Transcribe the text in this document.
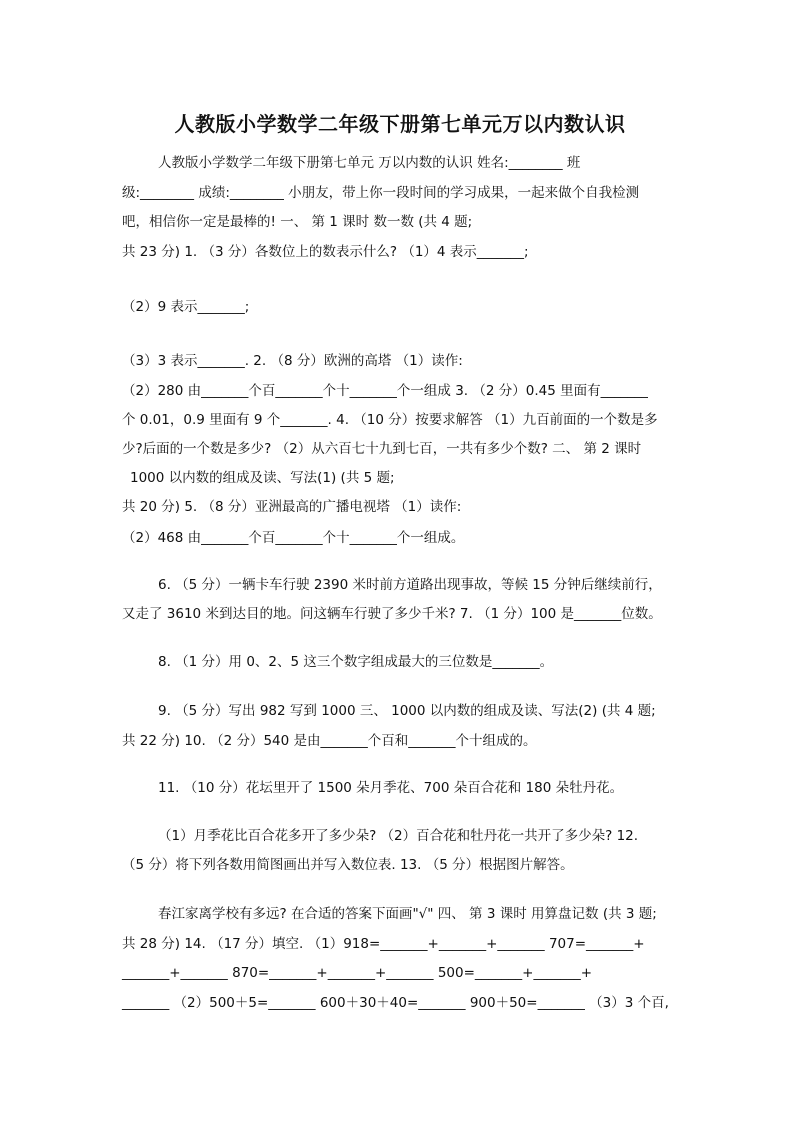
人教版小学数学二年级下册第七单元万以内数认识
人教版小学数学二年级下册第七单元 万以内数的认识 姓名:________ 班
级:________ 成绩:________ 小朋友，带上你一段时间的学习成果，一起来做个自我检测
吧，相信你一定是最棒的! 一、 第 1 课时 数一数 (共 4 题;
共 23 分) 1. （3 分）各数位上的数表示什么? （1）4 表示_______;
（2）9 表示_______;
（3）3 表示_______. 2. （8 分）欧洲的高塔 （1）读作:
（2）280 由_______个百_______个十_______个一组成 3. （2 分）0.45 里面有_______
个 0.01，0.9 里面有 9 个_______. 4. （10 分）按要求解答 （1）九百前面的一个数是多
少?后面的一个数是多少? （2）从六百七十九到七百，一共有多少个数? 二、 第 2 课时
1000 以内数的组成及读、写法(1) (共 5 题;
共 20 分) 5. （8 分）亚洲最高的广播电视塔 （1）读作:
（2）468 由_______个百_______个十_______个一组成。
6. （5 分）一辆卡车行驶 2390 米时前方道路出现事故，等候 15 分钟后继续前行，
又走了 3610 米到达目的地。问这辆车行驶了多少千米? 7. （1 分）100 是_______位数。
8. （1 分）用 0、2、5 这三个数字组成最大的三位数是_______。
9. （5 分）写出 982 写到 1000 三、 1000 以内数的组成及读、写法(2) (共 4 题;
共 22 分) 10. （2 分）540 是由_______个百和_______个十组成的。
11. （10 分）花坛里开了 1500 朵月季花、700 朵百合花和 180 朵牡丹花。
（1）月季花比百合花多开了多少朵? （2）百合花和牡丹花一共开了多少朵? 12.
（5 分）将下列各数用简图画出并写入数位表. 13. （5 分）根据图片解答。
春江家离学校有多远? 在合适的答案下面画"√" 四、 第 3 课时 用算盘记数 (共 3 题;
共 28 分) 14. （17 分）填空. （1）918=_______+_______+_______ 707=_______+
_______+_______ 870=_______+_______+_______ 500=_______+_______+
_______ （2）500＋5=_______ 600＋30＋40=_______ 900＋50=_______ （3）3 个百,
